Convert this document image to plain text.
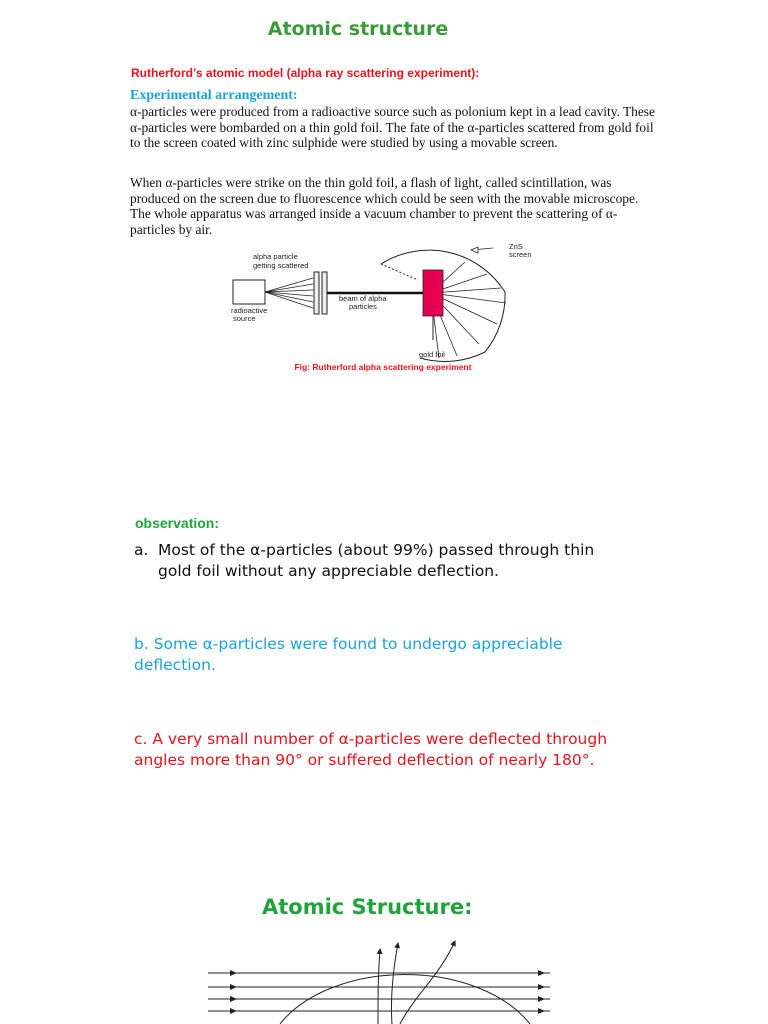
Atomic structure
Rutherford’s atomic model (alpha ray scattering experiment):
Experimental arrangement:
α-particles were produced from a radioactive source such as polonium kept in a lead cavity. These α-particles were bombarded on a thin gold foil. The fate of the α-particles scattered from gold foil to the screen coated with zinc sulphide were studied by using a movable screen.
When α-particles were strike on the thin gold foil, a flash of light, called scintillation, was produced on the screen due to fluorescence which could be seen with the movable microscope. The whole apparatus was arranged inside a vacuum chamber to prevent the scattering of α-particles by air.
alpha particle
getting scattered
ZnS
screen
beam of alpha
particles
radioactive
source
gold foil
Fig: Rutherford alpha scattering experiment
observation:
a. Most of the α-particles (about 99%) passed through thin
gold foil without any appreciable deflection.
b. Some α-particles were found to undergo appreciable deflection.
c. A very small number of α-particles were deflected through angles more than 90° or suffered deflection of nearly 180°.
Atomic Structure:
